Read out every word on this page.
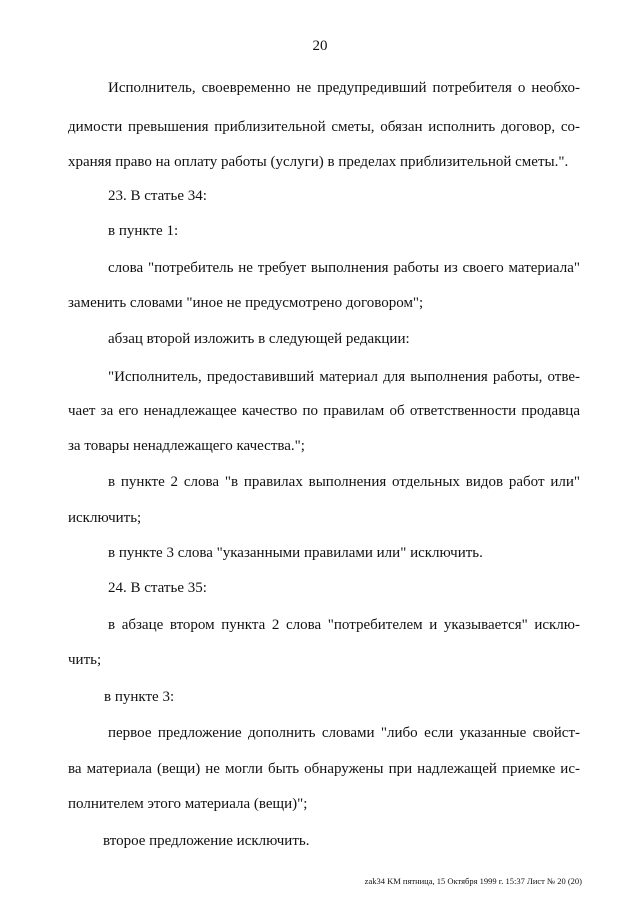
20
Исполнитель, своевременно не предупредивший потребителя о необхо-
димости превышения приблизительной сметы, обязан исполнить договор, со-
храняя право на оплату работы (услуги) в пределах приблизительной сметы.".
23. В статье 34:
в пункте 1:
слова "потребитель не требует выполнения работы из своего материала"
заменить словами "иное не предусмотрено договором";
абзац второй изложить в следующей редакции:
"Исполнитель, предоставивший материал для выполнения работы, отве-
чает за его ненадлежащее качество по правилам об ответственности продавца
за товары ненадлежащего качества.";
в пункте 2 слова "в правилах выполнения отдельных видов работ или"
исключить;
в пункте 3 слова "указанными правилами или" исключить.
24. В статье 35:
в абзаце втором пункта 2 слова "потребителем и указывается" исклю-
чить;
в пункте 3:
первое предложение дополнить словами "либо если указанные свойст-
ва материала (вещи) не могли быть обнаружены при надлежащей приемке ис-
полнителем этого материала (вещи)";
второе предложение исключить.
zak34 KM пятница, 15 Октября 1999 г. 15:37 Лист № 20 (20)
